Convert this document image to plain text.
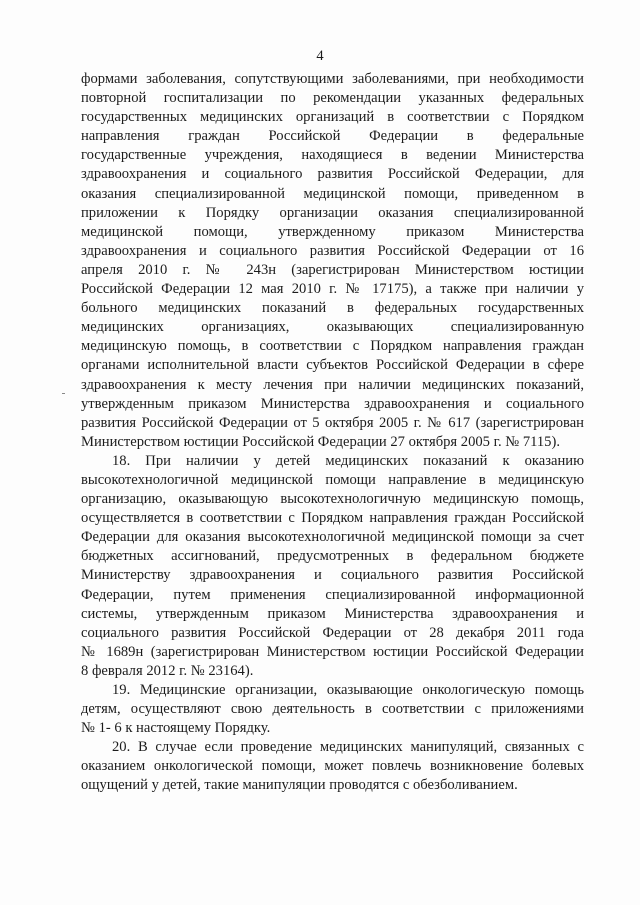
4
формами заболевания, сопутствующими заболеваниями, при необходимости
повторной госпитализации по рекомендации указанных федеральных
государственных медицинских организаций в соответствии с Порядком
направления граждан Российской Федерации в федеральные
государственные учреждения, находящиеся в ведении Министерства
здравоохранения и социального развития Российской Федерации, для
оказания специализированной медицинской помощи, приведенном в
приложении к Порядку организации оказания специализированной
медицинской помощи, утвержденному приказом Министерства
здравоохранения и социального развития Российской Федерации от 16
апреля 2010 г. № 243н (зарегистрирован Министерством юстиции
Российской Федерации 12 мая 2010 г. № 17175), а также при наличии у
больного медицинских показаний в федеральных государственных
медицинских организациях, оказывающих специализированную
медицинскую помощь, в соответствии с Порядком направления граждан
органами исполнительной власти субъектов Российской Федерации в сфере
здравоохранения к месту лечения при наличии медицинских показаний,
утвержденным приказом Министерства здравоохранения и социального
развития Российской Федерации от 5 октября 2005 г. № 617 (зарегистрирован
Министерством юстиции Российской Федерации 27 октября 2005 г. № 7115).
18. При наличии у детей медицинских показаний к оказанию
высокотехнологичной медицинской помощи направление в медицинскую
организацию, оказывающую высокотехнологичную медицинскую помощь,
осуществляется в соответствии с Порядком направления граждан Российской
Федерации для оказания высокотехнологичной медицинской помощи за счет
бюджетных ассигнований, предусмотренных в федеральном бюджете
Министерству здравоохранения и социального развития Российской
Федерации, путем применения специализированной информационной
системы, утвержденным приказом Министерства здравоохранения и
социального развития Российской Федерации от 28 декабря 2011 года
№ 1689н (зарегистрирован Министерством юстиции Российской Федерации
8 февраля 2012 г. № 23164).
19. Медицинские организации, оказывающие онкологическую помощь
детям, осуществляют свою деятельность в соответствии с приложениями
№ 1- 6 к настоящему Порядку.
20. В случае если проведение медицинских манипуляций, связанных с
оказанием онкологической помощи, может повлечь возникновение болевых
ощущений у детей, такие манипуляции проводятся с обезболиванием.
